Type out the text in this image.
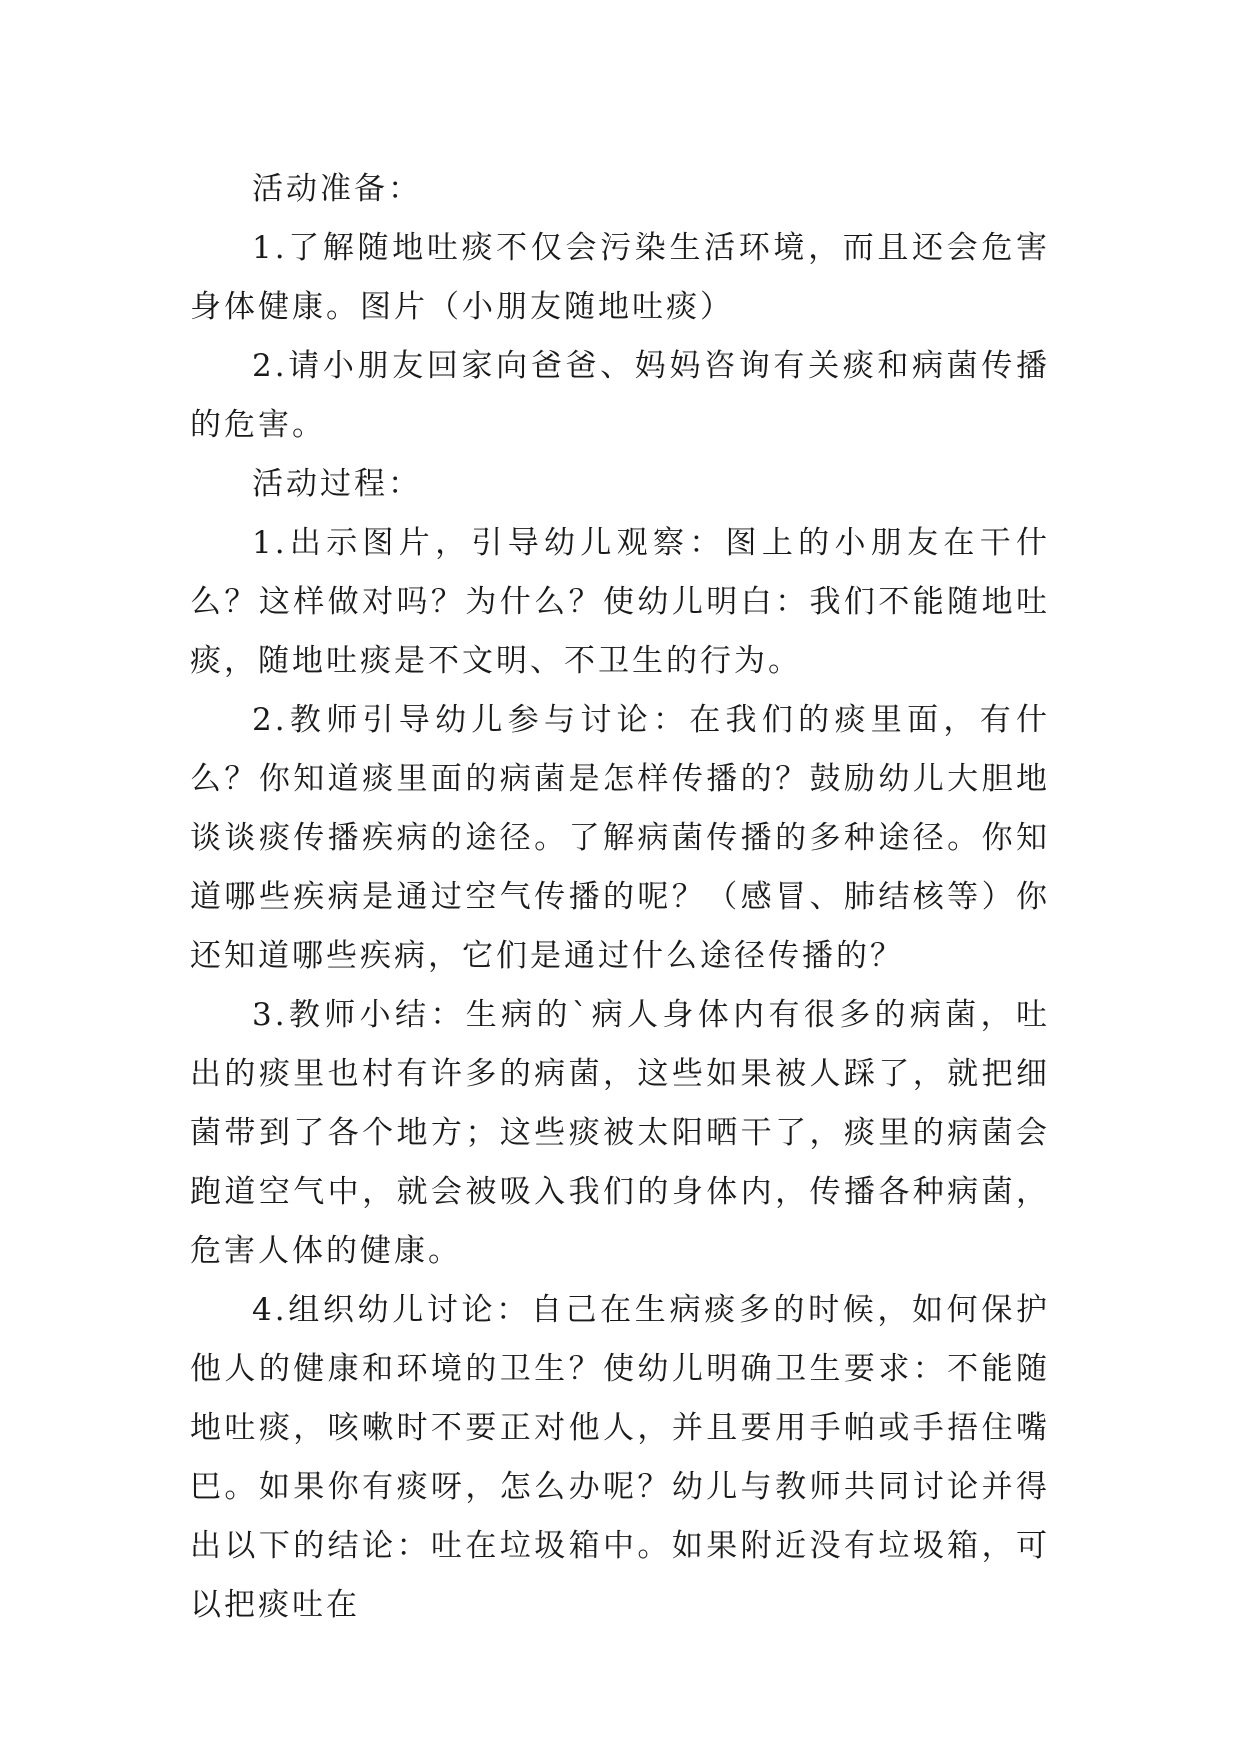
活动准备：

1.了解随地吐痰不仅会污染生活环境，而且还会危害身体健康。图片（小朋友随地吐痰）

2.请小朋友回家向爸爸、妈妈咨询有关痰和病菌传播的危害。

活动过程：

1.出示图片，引导幼儿观察：图上的小朋友在干什么？这样做对吗？为什么？使幼儿明白：我们不能随地吐痰，随地吐痰是不文明、不卫生的行为。

2.教师引导幼儿参与讨论：在我们的痰里面，有什么？你知道痰里面的病菌是怎样传播的？鼓励幼儿大胆地谈谈痰传播疾病的途径。了解病菌传播的多种途径。你知道哪些疾病是通过空气传播的呢？（感冒、肺结核等）你还知道哪些疾病，它们是通过什么途径传播的？

3.教师小结：生病的`病人身体内有很多的病菌，吐出的痰里也村有许多的病菌，这些如果被人踩了，就把细菌带到了各个地方；这些痰被太阳晒干了，痰里的病菌会跑道空气中，就会被吸入我们的身体内，传播各种病菌，危害人体的健康。

4.组织幼儿讨论：自己在生病痰多的时候，如何保护他人的健康和环境的卫生？使幼儿明确卫生要求：不能随地吐痰，咳嗽时不要正对他人，并且要用手帕或手捂住嘴巴。如果你有痰呀，怎么办呢？幼儿与教师共同讨论并得出以下的结论：吐在垃圾箱中。如果附近没有垃圾箱，可以把痰吐在
